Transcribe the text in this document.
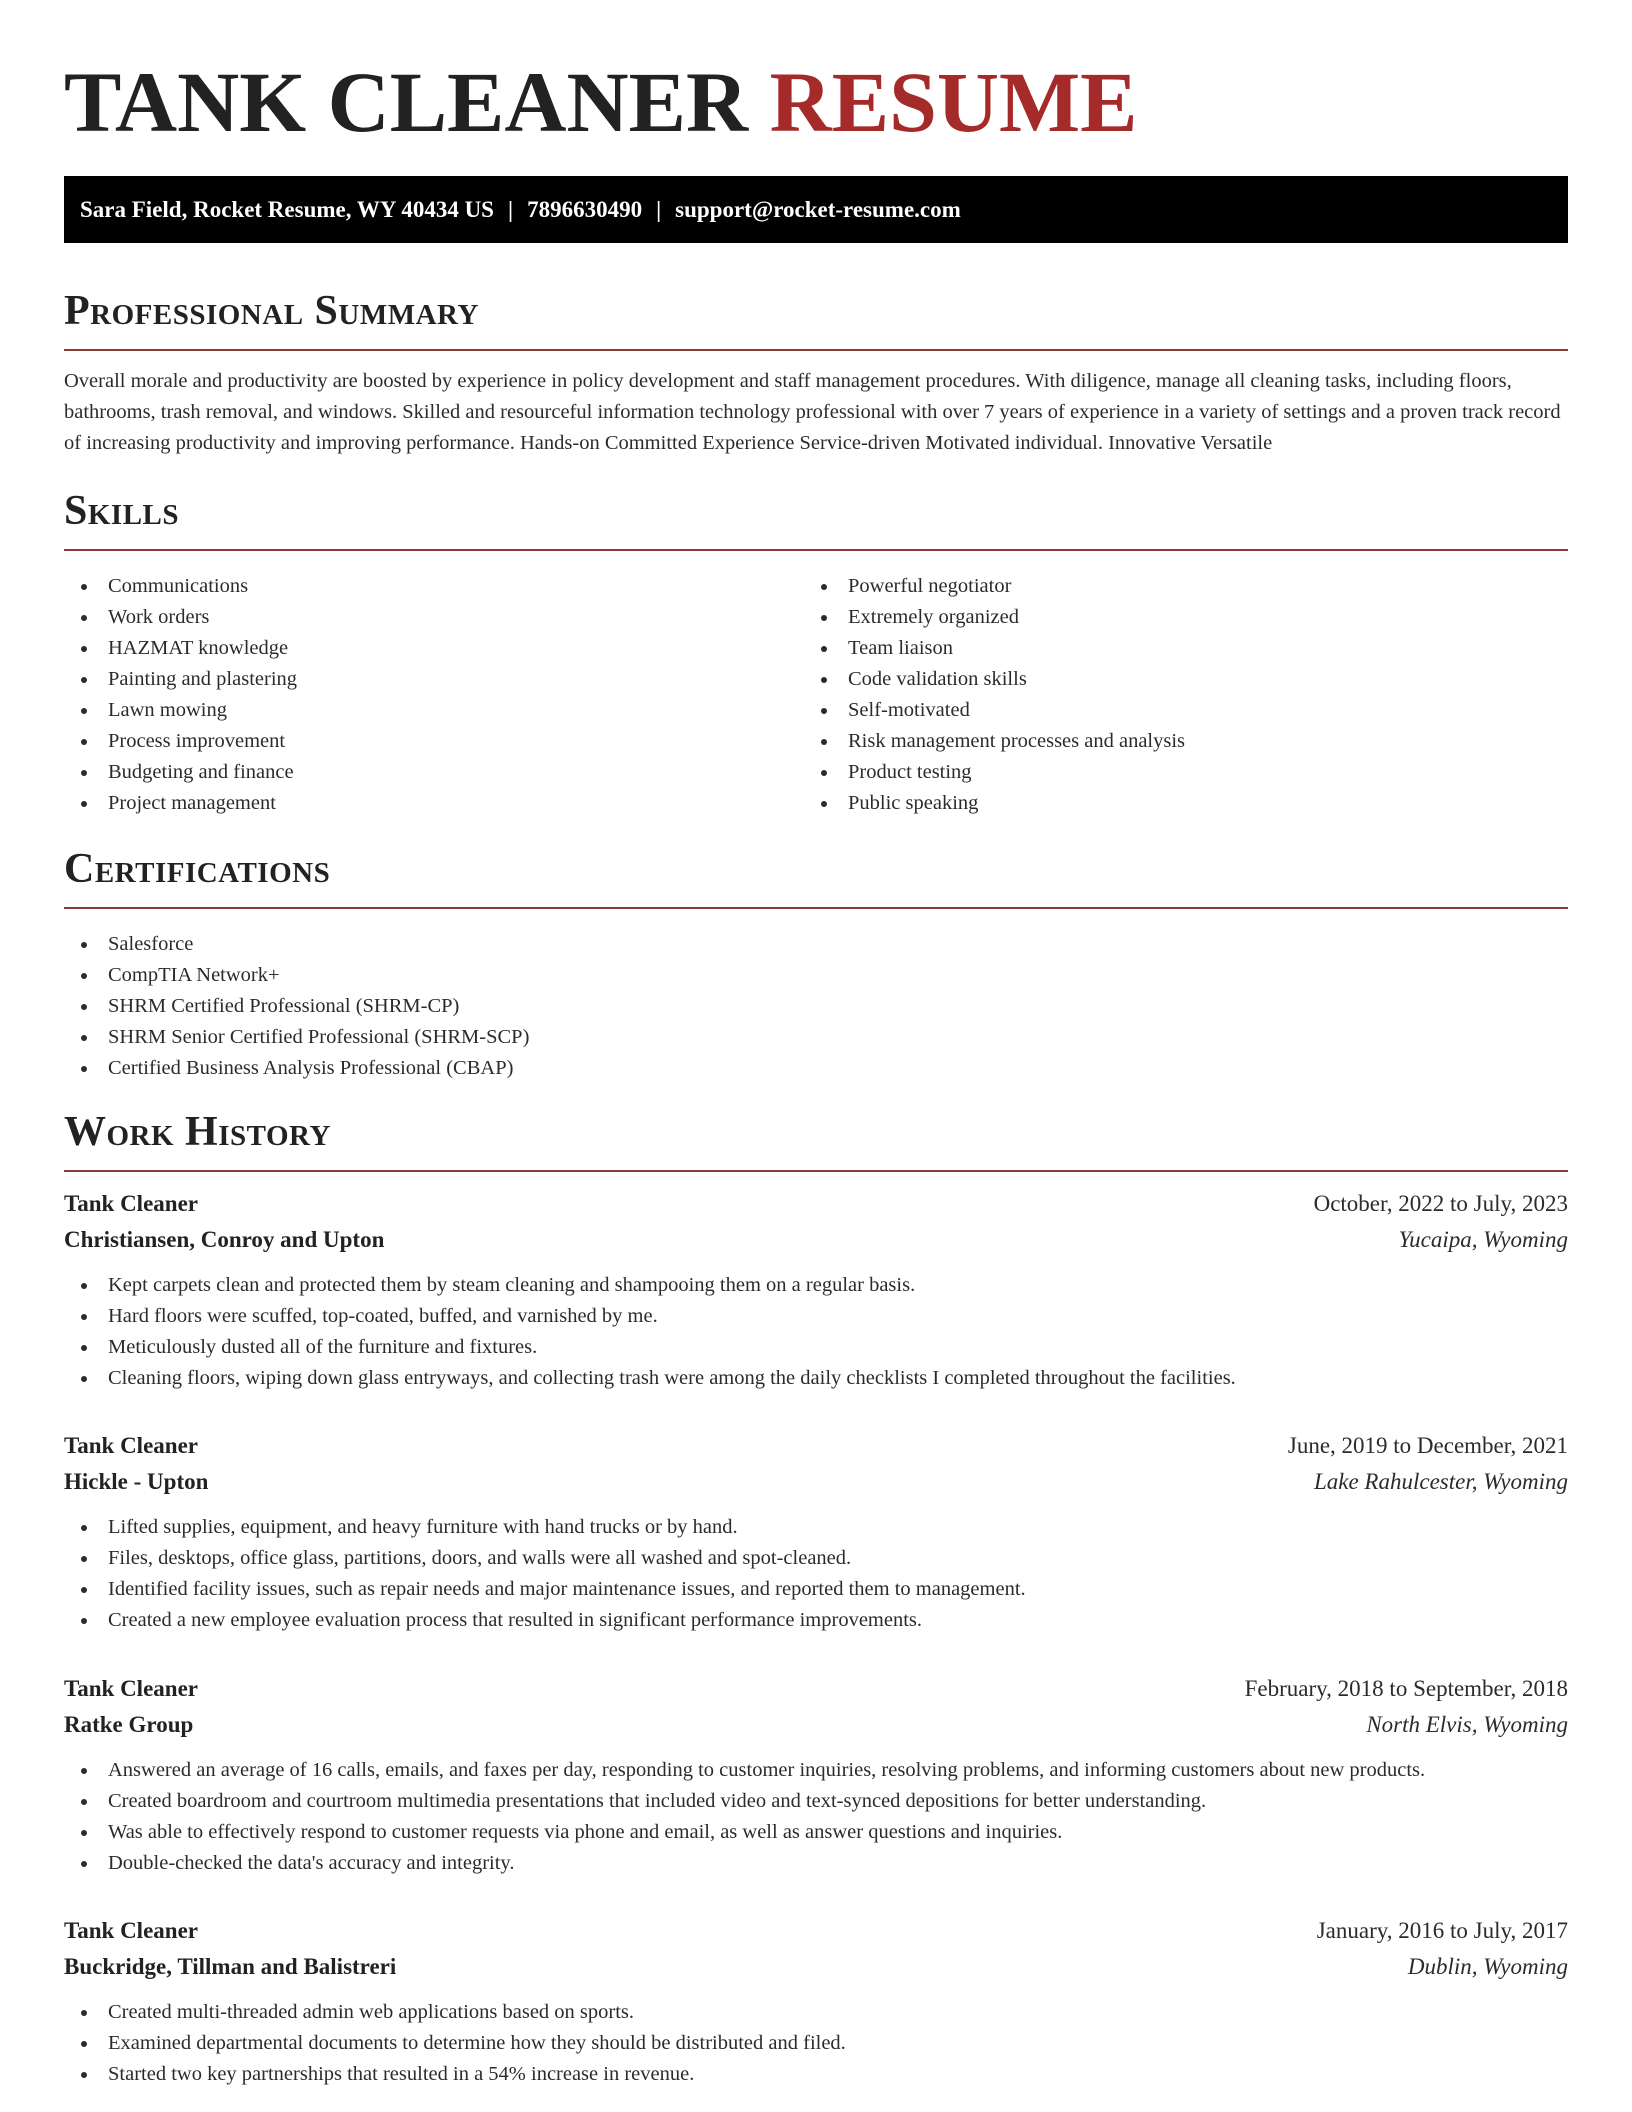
TANK CLEANER RESUME
Sara Field, Rocket Resume, WY 40434 US | 7896630490 | support@rocket-resume.com
Professional Summary

Overall morale and productivity are boosted by experience in policy development and staff management procedures. With diligence, manage all cleaning tasks, including floors, bathrooms, trash removal, and windows. Skilled and resourceful information technology professional with over 7 years of experience in a variety of settings and a proven track record of increasing productivity and improving performance. Hands-on Committed Experience Service-driven Motivated individual. Innovative Versatile

Skills
Communications
Work orders
HAZMAT knowledge
Painting and plastering
Lawn mowing
Process improvement
Budgeting and finance
Project management
Powerful negotiator
Extremely organized
Team liaison
Code validation skills
Self-motivated
Risk management processes and analysis
Product testing
Public speaking
Certifications
Salesforce
CompTIA Network+
SHRM Certified Professional (SHRM-CP)
SHRM Senior Certified Professional (SHRM-SCP)
Certified Business Analysis Professional (CBAP)
Work History
Tank Cleaner	October, 2022 to July, 2023
Christiansen, Conroy and Upton	Yucaipa, Wyoming
Kept carpets clean and protected them by steam cleaning and shampooing them on a regular basis.
Hard floors were scuffed, top-coated, buffed, and varnished by me.
Meticulously dusted all of the furniture and fixtures.
Cleaning floors, wiping down glass entryways, and collecting trash were among the daily checklists I completed throughout the facilities.
Tank Cleaner	June, 2019 to December, 2021
Hickle - Upton	Lake Rahulcester, Wyoming
Lifted supplies, equipment, and heavy furniture with hand trucks or by hand.
Files, desktops, office glass, partitions, doors, and walls were all washed and spot-cleaned.
Identified facility issues, such as repair needs and major maintenance issues, and reported them to management.
Created a new employee evaluation process that resulted in significant performance improvements.
Tank Cleaner	February, 2018 to September, 2018
Ratke Group	North Elvis, Wyoming
Answered an average of 16 calls, emails, and faxes per day, responding to customer inquiries, resolving problems, and informing customers about new products.
Created boardroom and courtroom multimedia presentations that included video and text-synced depositions for better understanding.
Was able to effectively respond to customer requests via phone and email, as well as answer questions and inquiries.
Double-checked the data's accuracy and integrity.
Tank Cleaner	January, 2016 to July, 2017
Buckridge, Tillman and Balistreri	Dublin, Wyoming
Created multi-threaded admin web applications based on sports.
Examined departmental documents to determine how they should be distributed and filed.
Started two key partnerships that resulted in a 54% increase in revenue.
